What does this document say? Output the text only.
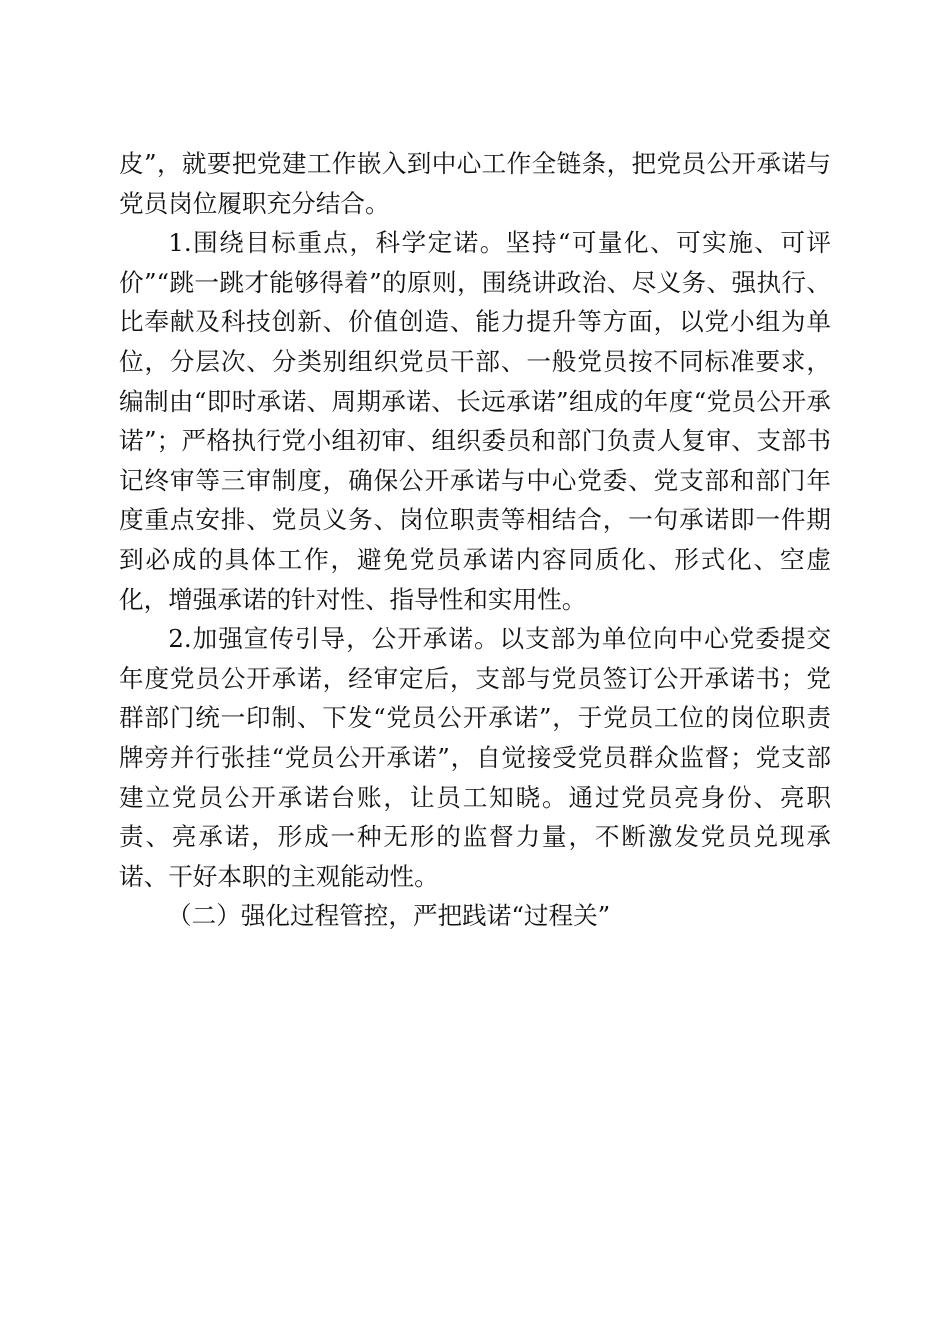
皮”，就要把党建工作嵌入到中心工作全链条，把党员公开承诺与党员岗位履职充分结合。

1.围绕目标重点，科学定诺。坚持“可量化、可实施、可评价”“跳一跳才能够得着”的原则，围绕讲政治、尽义务、强执行、比奉献及科技创新、价值创造、能力提升等方面，以党小组为单位，分层次、分类别组织党员干部、一般党员按不同标准要求，编制由“即时承诺、周期承诺、长远承诺”组成的年度“党员公开承诺”；严格执行党小组初审、组织委员和部门负责人复审、支部书记终审等三审制度，确保公开承诺与中心党委、党支部和部门年度重点安排、党员义务、岗位职责等相结合，一句承诺即一件期到必成的具体工作，避免党员承诺内容同质化、形式化、空虚化，增强承诺的针对性、指导性和实用性。

2.加强宣传引导，公开承诺。以支部为单位向中心党委提交年度党员公开承诺，经审定后，支部与党员签订公开承诺书；党群部门统一印制、下发“党员公开承诺”，于党员工位的岗位职责牌旁并行张挂“党员公开承诺”，自觉接受党员群众监督；党支部建立党员公开承诺台账，让员工知晓。通过党员亮身份、亮职责、亮承诺，形成一种无形的监督力量，不断激发党员兑现承诺、干好本职的主观能动性。

（二）强化过程管控，严把践诺“过程关”
